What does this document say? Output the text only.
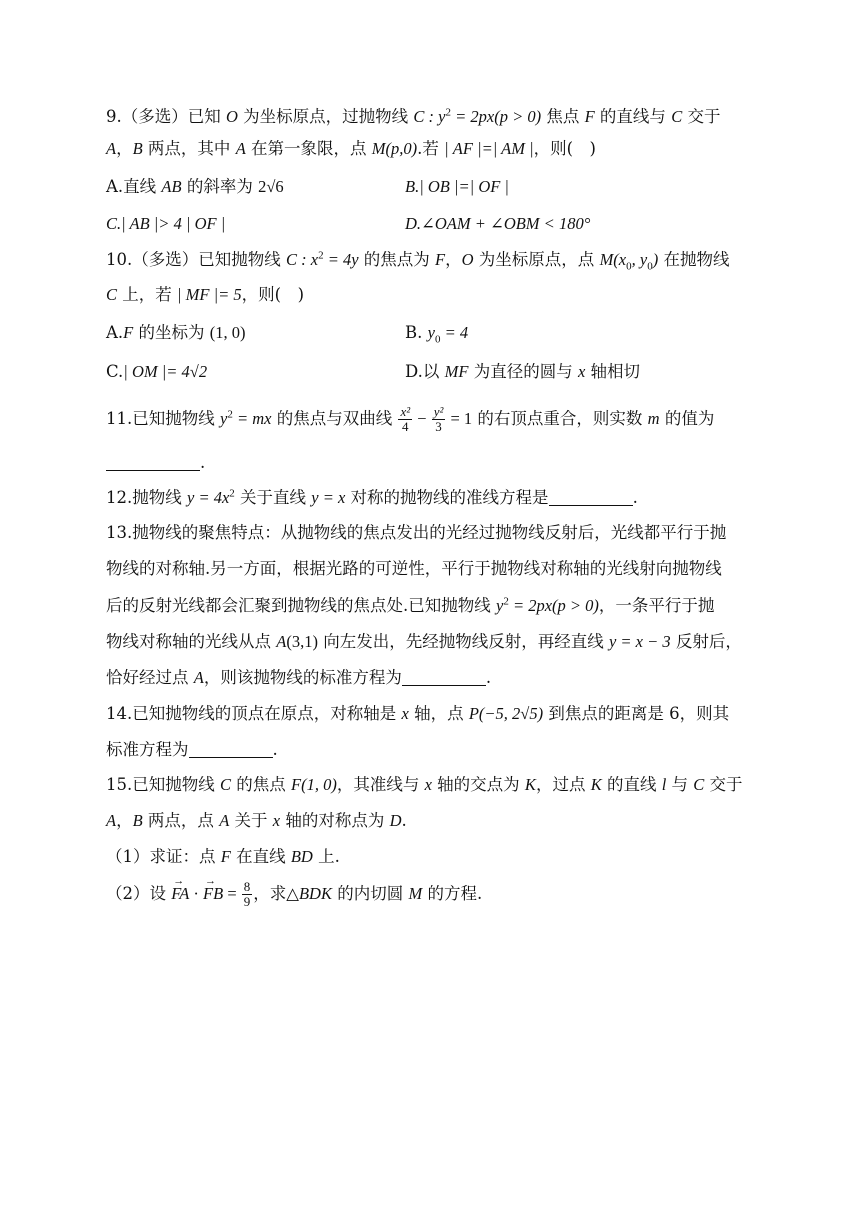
9.（多选）已知 O 为坐标原点，过抛物线 C : $y^2 = 2px(p > 0)$ 焦点 F 的直线与 C 交于
A，B 两点，其中 A 在第一象限，点 M(p,0).若 | AF |=| AM |，则(　)
A.直线 AB 的斜率为 2√6	B.| OB |=| OF |
C.| AB |> 4 | OF |	D.∠OAM + ∠OBM < 180°
10.（多选）已知抛物线 C : $x^2 = 4y$ 的焦点为 F，O 为坐标原点，点 $M(x_0$, $y_0$) 在抛物线
C 上，若 | MF |= 5，则(　)
A.F 的坐标为 (1, 0)	B. $y_0 = 4$
C.| OM |= 4√2	D.以 MF 为直径的圆与 x 轴相切
11.已知抛物线 $y^2$ = mx 的焦点与双曲线 $\frac{\text{x²}}{4} - \frac{\text{y²}}{3} = 1$ 的右顶点重合，则实数 m 的值为
.
12.抛物线 $y = 4x^2$ 关于直线 y = x 对称的抛物线的准线方程是	.
13.抛物线的聚焦特点：从抛物线的焦点发出的光经过抛物线反射后，光线都平行于抛
物线的对称轴.另一方面，根据光路的可逆性，平行于抛物线对称轴的光线射向抛物线
后的反射光线都会汇聚到抛物线的焦点处.已知抛物线 $y^2 = 2px(p > 0)$，一条平行于抛
物线对称轴的光线从点 A(3,1) 向左发出，先经抛物线反射，再经直线 y = x − 3 反射后，
恰好经过点 A，则该抛物线的标准方程为	.
14.已知抛物线的顶点在原点，对称轴是 x 轴，点 P(−5, 2√5) 到焦点的距离是 6，则其
标准方程为	.
15.已知抛物线 C 的焦点 F(1, 0)，其准线与 x 轴的交点为 K，过点 K 的直线 l 与 C 交于
A，B 两点，点 A 关于 x 轴的对称点为 D.
（1）求证：点 F 在直线 BD 上.
（2）设 → FA · → FB = $\frac{8}{9}$ ，求△BDK 的内切圆 M 的方程.
